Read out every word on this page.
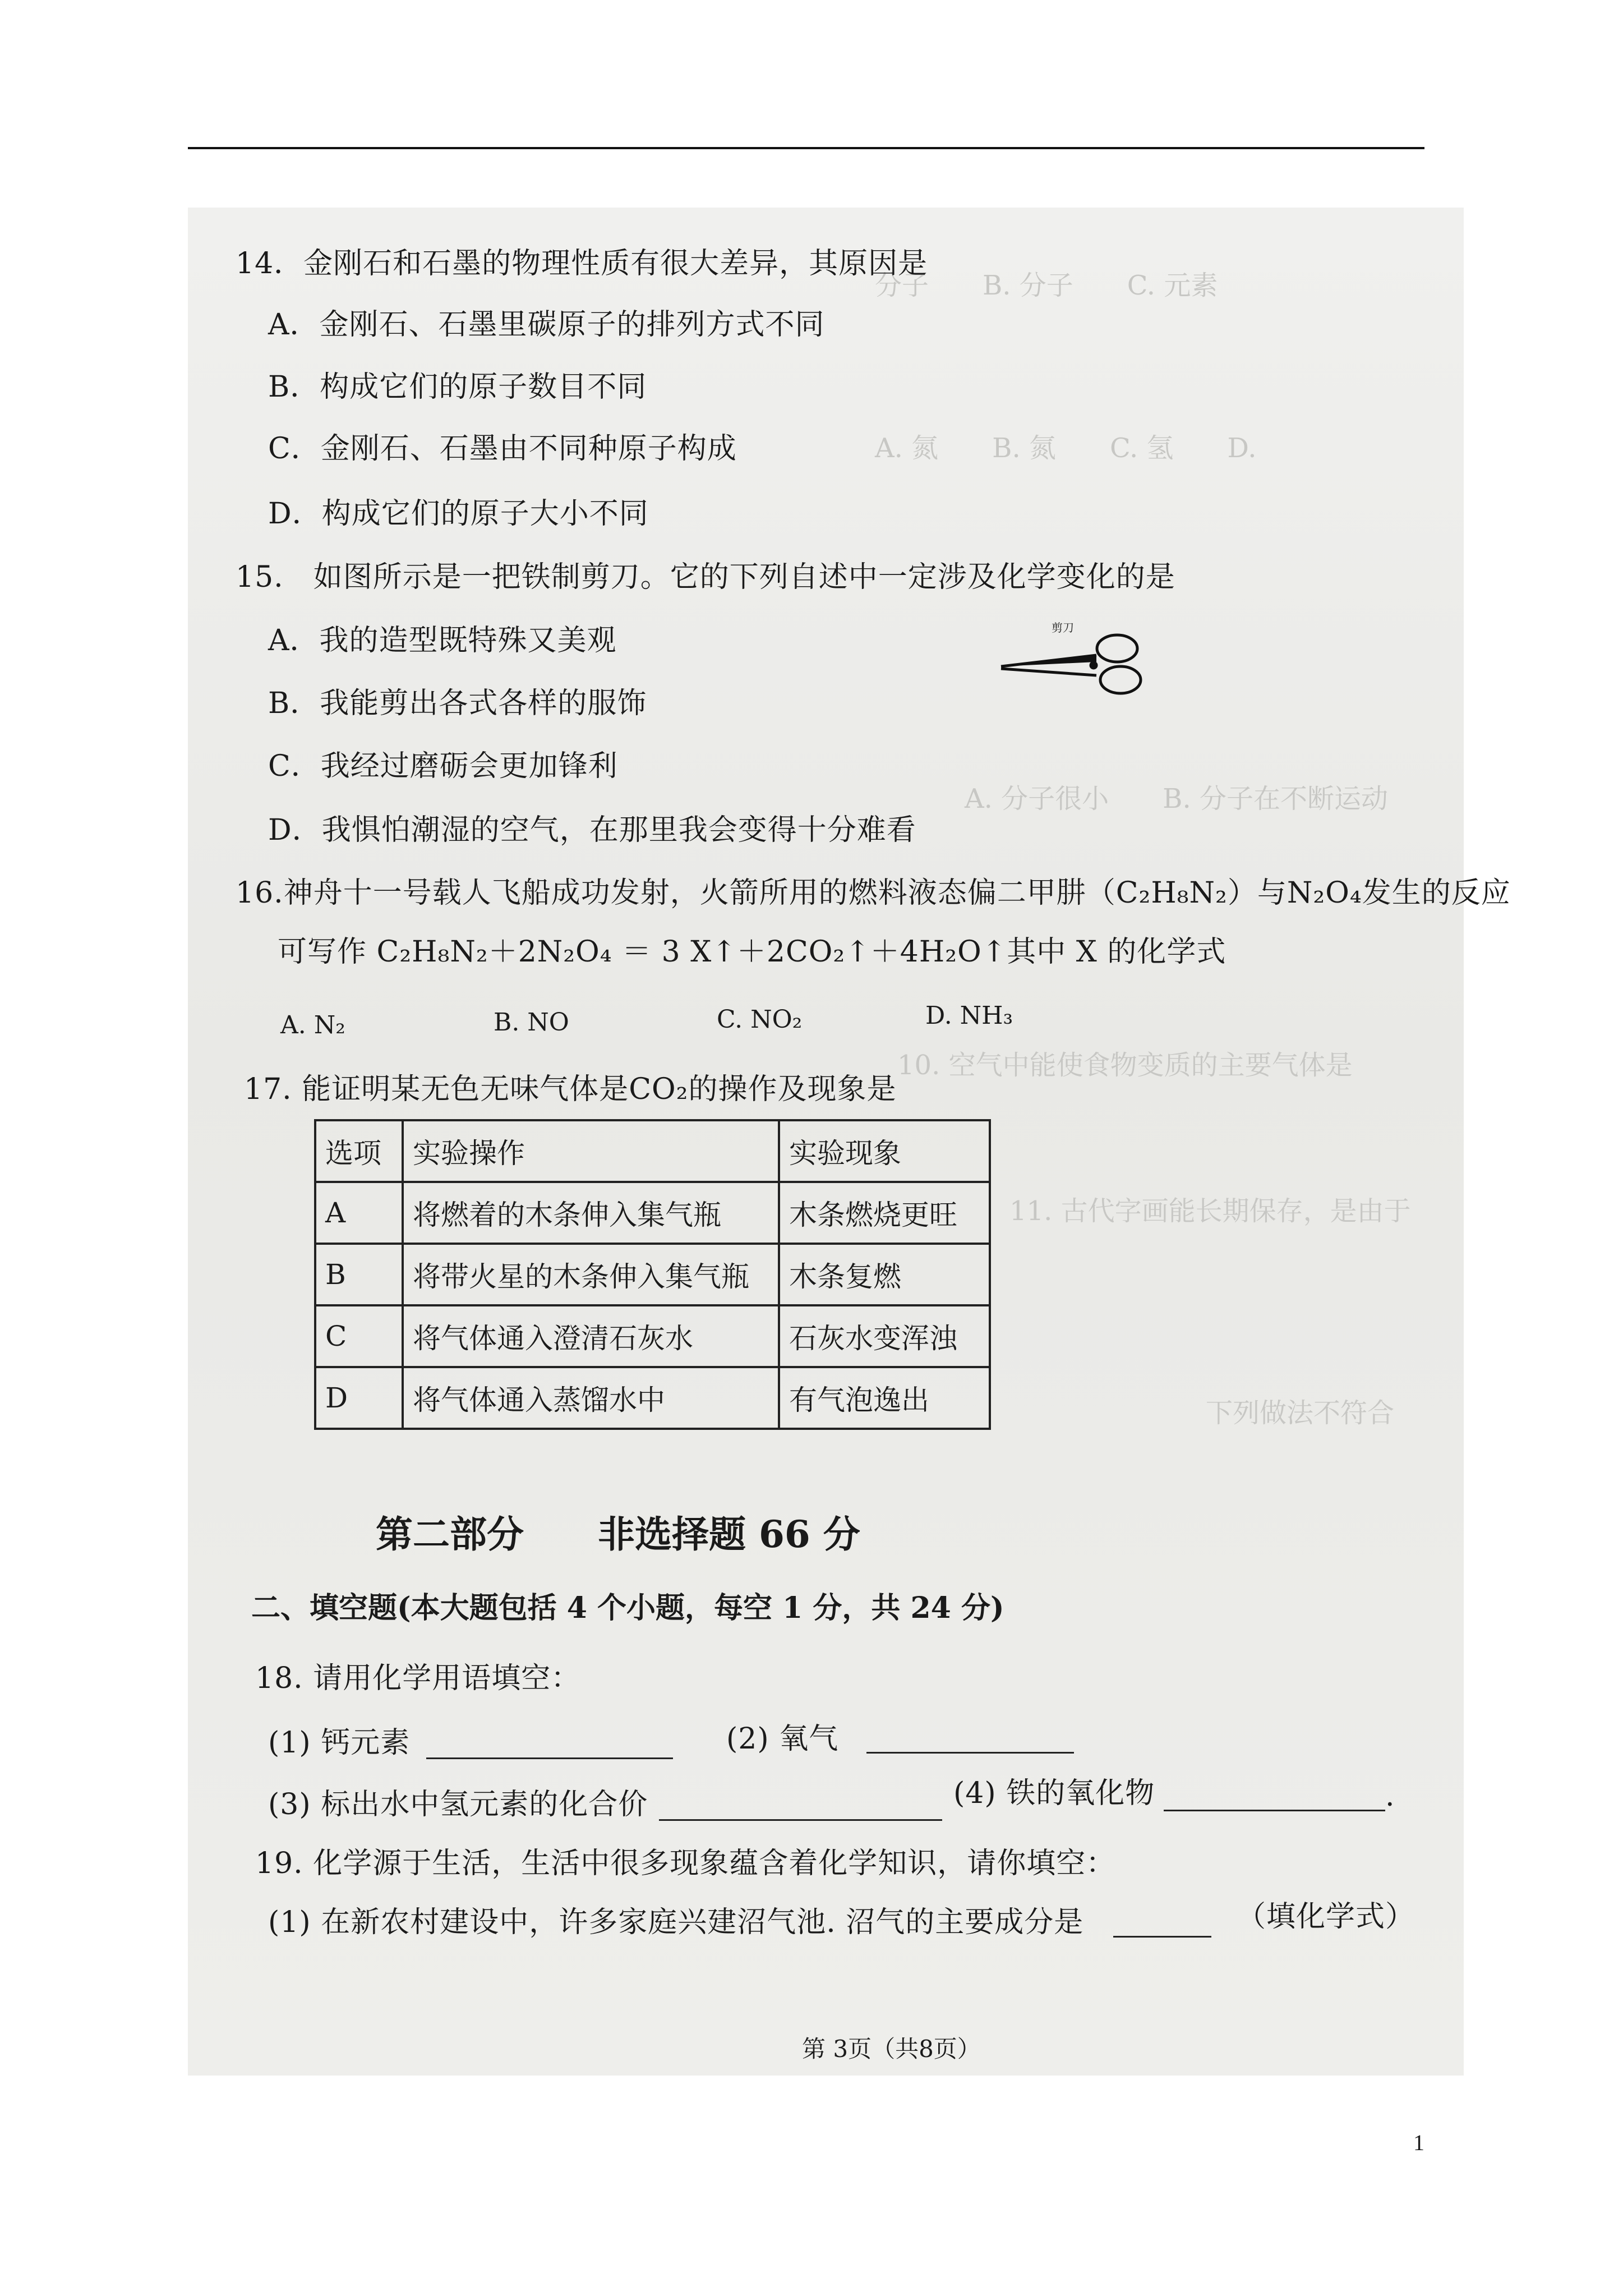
分子　　B. 分子　　C. 元素
A. 氮　　B. 氮　　C. 氢　　D.
A. 分子很小　　B. 分子在不断运动
10. 空气中能使食物变质的主要气体是
11. 古代字画能长期保存，是由于
下列做法不符合
14．金刚石和石墨的物理性质有很大差异，其原因是
A．金刚石、石墨里碳原子的排列方式不同
B．构成它们的原子数目不同
C．金刚石、石墨由不同种原子构成
D．构成它们的原子大小不同
15.　如图所示是一把铁制剪刀。它的下列自述中一定涉及化学变化的是
A．我的造型既特殊又美观
B．我能剪出各式各样的服饰
C．我经过磨砺会更加锋利
D．我惧怕潮湿的空气，在那里我会变得十分难看
剪刀
16.神舟十一号载人飞船成功发射，火箭所用的燃料液态偏二甲肼（C₂H₈N₂）与N₂O₄发生的反应
可写作 C₂H₈N₂＋2N₂O₄ ＝ 3 X↑＋2CO₂↑＋4H₂O↑其中 X 的化学式
A. N₂	B. NO	C. NO₂	D. NH₃
17. 能证明某无色无味气体是CO₂的操作及现象是
选项	实验操作	实验现象
A	将燃着的木条伸入集气瓶	木条燃烧更旺
B	将带火星的木条伸入集气瓶	木条复燃
C	将气体通入澄清石灰水	石灰水变浑浊
D	将气体通入蒸馏水中	有气泡逸出
第二部分　　非选择题 66 分
二、填空题(本大题包括 4 个小题，每空 1 分，共 24 分)
18. 请用化学用语填空：
(1) 钙元素	(2) 氧气
(3) 标出水中氢元素的化合价	(4) 铁的氧化物	.
19. 化学源于生活，生活中很多现象蕴含着化学知识，请你填空：
(1) 在新农村建设中，许多家庭兴建沼气池. 沼气的主要成分是	（填化学式）
第 3页（共8页）
1
